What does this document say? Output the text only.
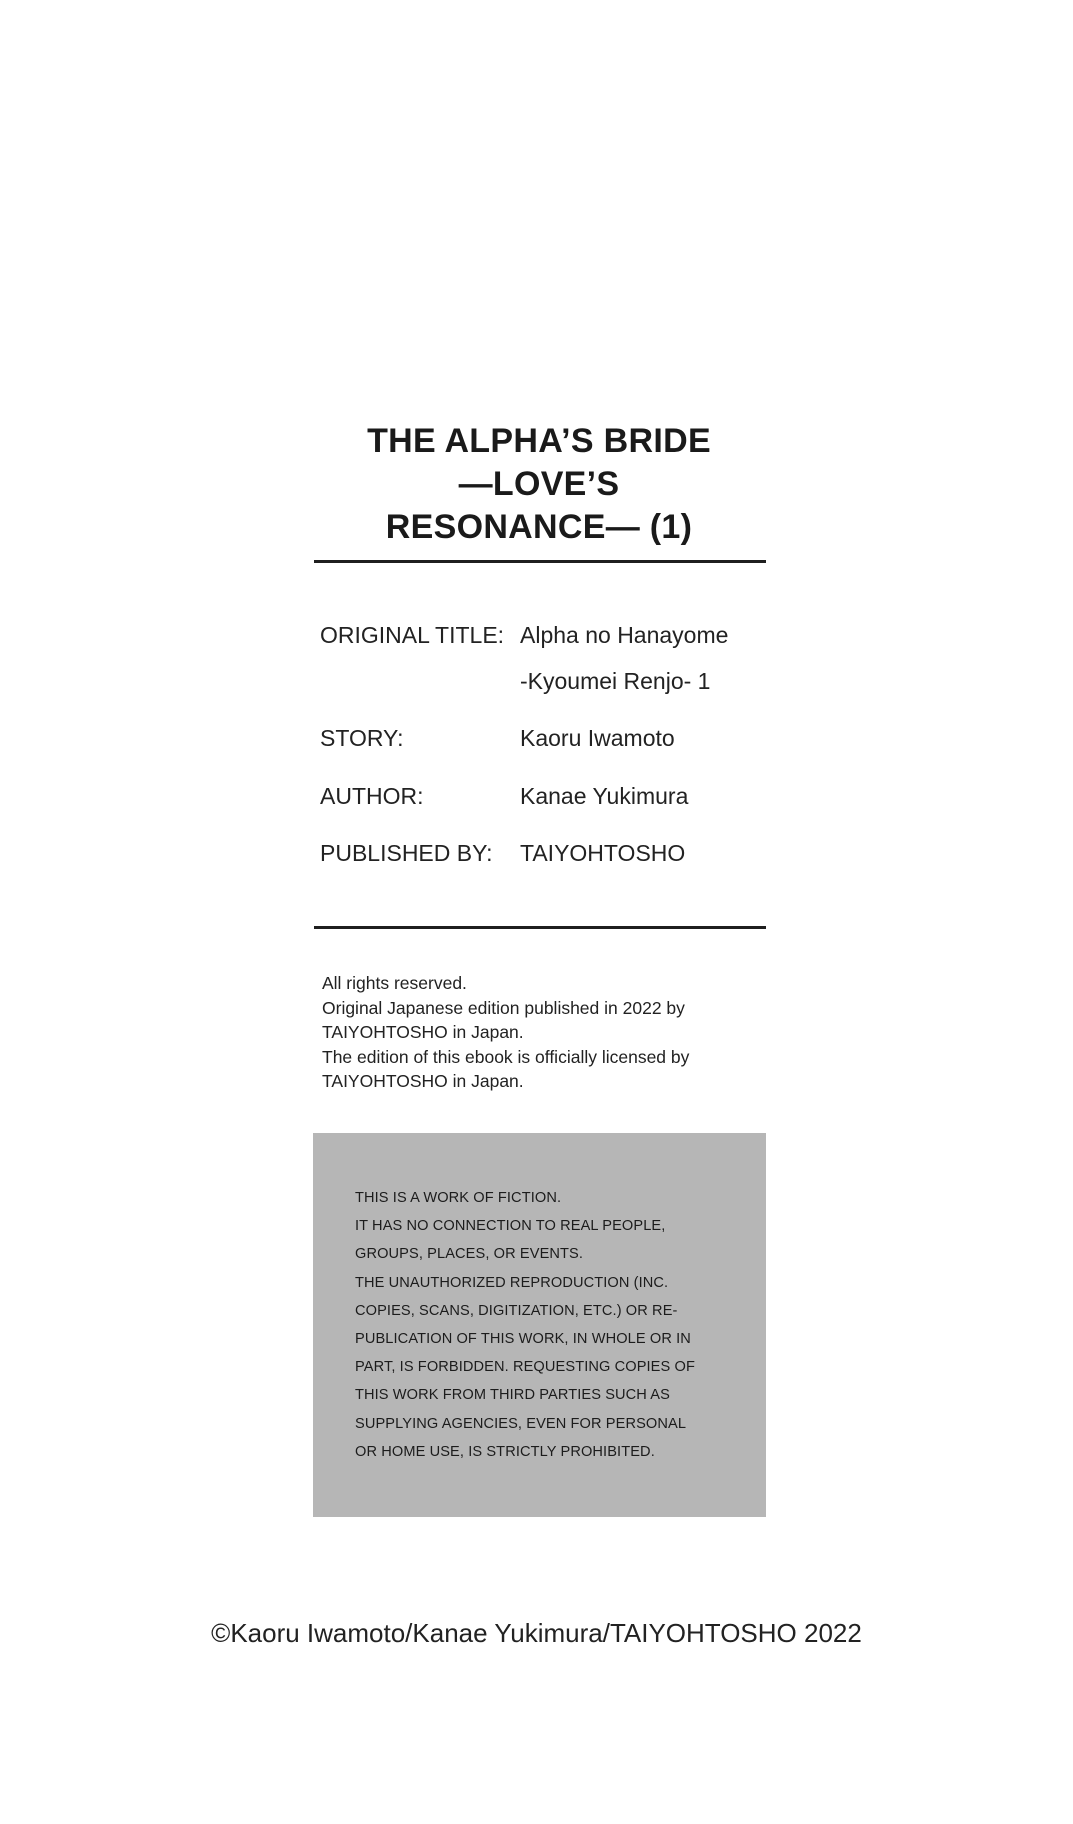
THE ALPHA’S BRIDE
—LOVE’S
RESONANCE— (1)
ORIGINAL TITLE: Alpha no Hanayome
-Kyoumei Renjo- 1
STORY:	Kaoru Iwamoto
AUTHOR:	Kanae Yukimura
PUBLISHED BY: TAIYOHTOSHO
All rights reserved.
Original Japanese edition published in 2022 by
TAIYOHTOSHO in Japan.
The edition of this ebook is officially licensed by
TAIYOHTOSHO in Japan.
THIS IS A WORK OF FICTION.
IT HAS NO CONNECTION TO REAL PEOPLE,
GROUPS, PLACES, OR EVENTS.
THE UNAUTHORIZED REPRODUCTION (INC.
COPIES, SCANS, DIGITIZATION, ETC.) OR RE-
PUBLICATION OF THIS WORK, IN WHOLE OR IN
PART, IS FORBIDDEN. REQUESTING COPIES OF
THIS WORK FROM THIRD PARTIES SUCH AS
SUPPLYING AGENCIES, EVEN FOR PERSONAL
OR HOME USE, IS STRICTLY PROHIBITED.
©Kaoru Iwamoto/Kanae Yukimura/TAIYOHTOSHO 2022
